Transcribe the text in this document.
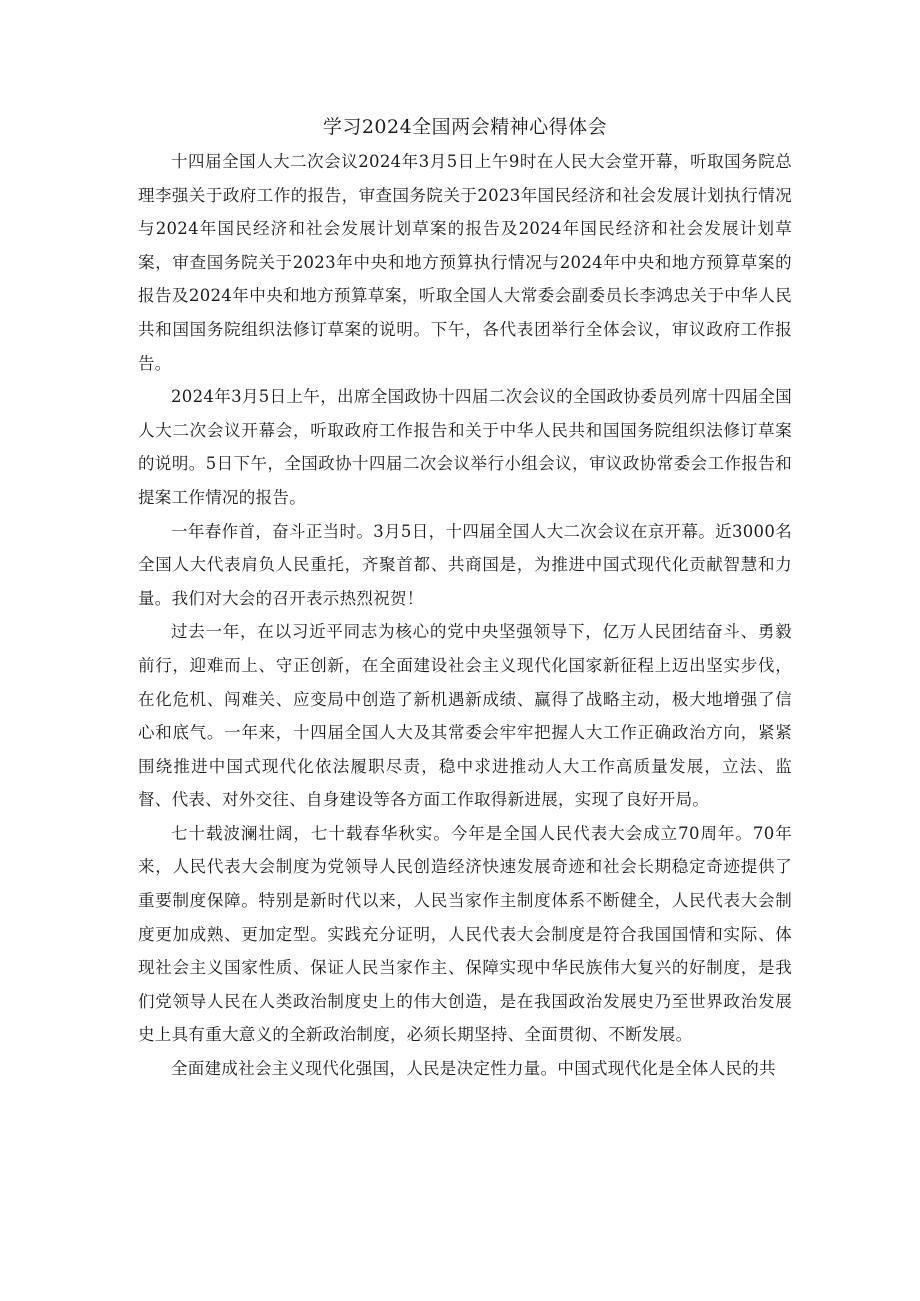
学习2024全国两会精神心得体会

十四届全国人大二次会议2024年3月5日上午9时在人民大会堂开幕，听取国务院总理李强关于政府工作的报告，审查国务院关于2023年国民经济和社会发展计划执行情况与2024年国民经济和社会发展计划草案的报告及2024年国民经济和社会发展计划草案，审查国务院关于2023年中央和地方预算执行情况与2024年中央和地方预算草案的报告及2024年中央和地方预算草案，听取全国人大常委会副委员长李鸿忠关于中华人民共和国国务院组织法修订草案的说明。下午，各代表团举行全体会议，审议政府工作报告。

2024年3月5日上午，出席全国政协十四届二次会议的全国政协委员列席十四届全国人大二次会议开幕会，听取政府工作报告和关于中华人民共和国国务院组织法修订草案的说明。5日下午，全国政协十四届二次会议举行小组会议，审议政协常委会工作报告和提案工作情况的报告。

一年春作首，奋斗正当时。3月5日，十四届全国人大二次会议在京开幕。近3000名全国人大代表肩负人民重托，齐聚首都、共商国是，为推进中国式现代化贡献智慧和力量。我们对大会的召开表示热烈祝贺！

过去一年，在以习近平同志为核心的党中央坚强领导下，亿万人民团结奋斗、勇毅前行，迎难而上、守正创新，在全面建设社会主义现代化国家新征程上迈出坚实步伐，在化危机、闯难关、应变局中创造了新机遇新成绩、赢得了战略主动，极大地增强了信心和底气。一年来，十四届全国人大及其常委会牢牢把握人大工作正确政治方向，紧紧围绕推进中国式现代化依法履职尽责，稳中求进推动人大工作高质量发展，立法、监督、代表、对外交往、自身建设等各方面工作取得新进展，实现了良好开局。

七十载波澜壮阔，七十载春华秋实。今年是全国人民代表大会成立70周年。70年来，人民代表大会制度为党领导人民创造经济快速发展奇迹和社会长期稳定奇迹提供了重要制度保障。特别是新时代以来，人民当家作主制度体系不断健全，人民代表大会制度更加成熟、更加定型。实践充分证明，人民代表大会制度是符合我国国情和实际、体现社会主义国家性质、保证人民当家作主、保障实现中华民族伟大复兴的好制度，是我们党领导人民在人类政治制度史上的伟大创造，是在我国政治发展史乃至世界政治发展史上具有重大意义的全新政治制度，必须长期坚持、全面贯彻、不断发展。

全面建成社会主义现代化强国，人民是决定性力量。中国式现代化是全体人民的共
